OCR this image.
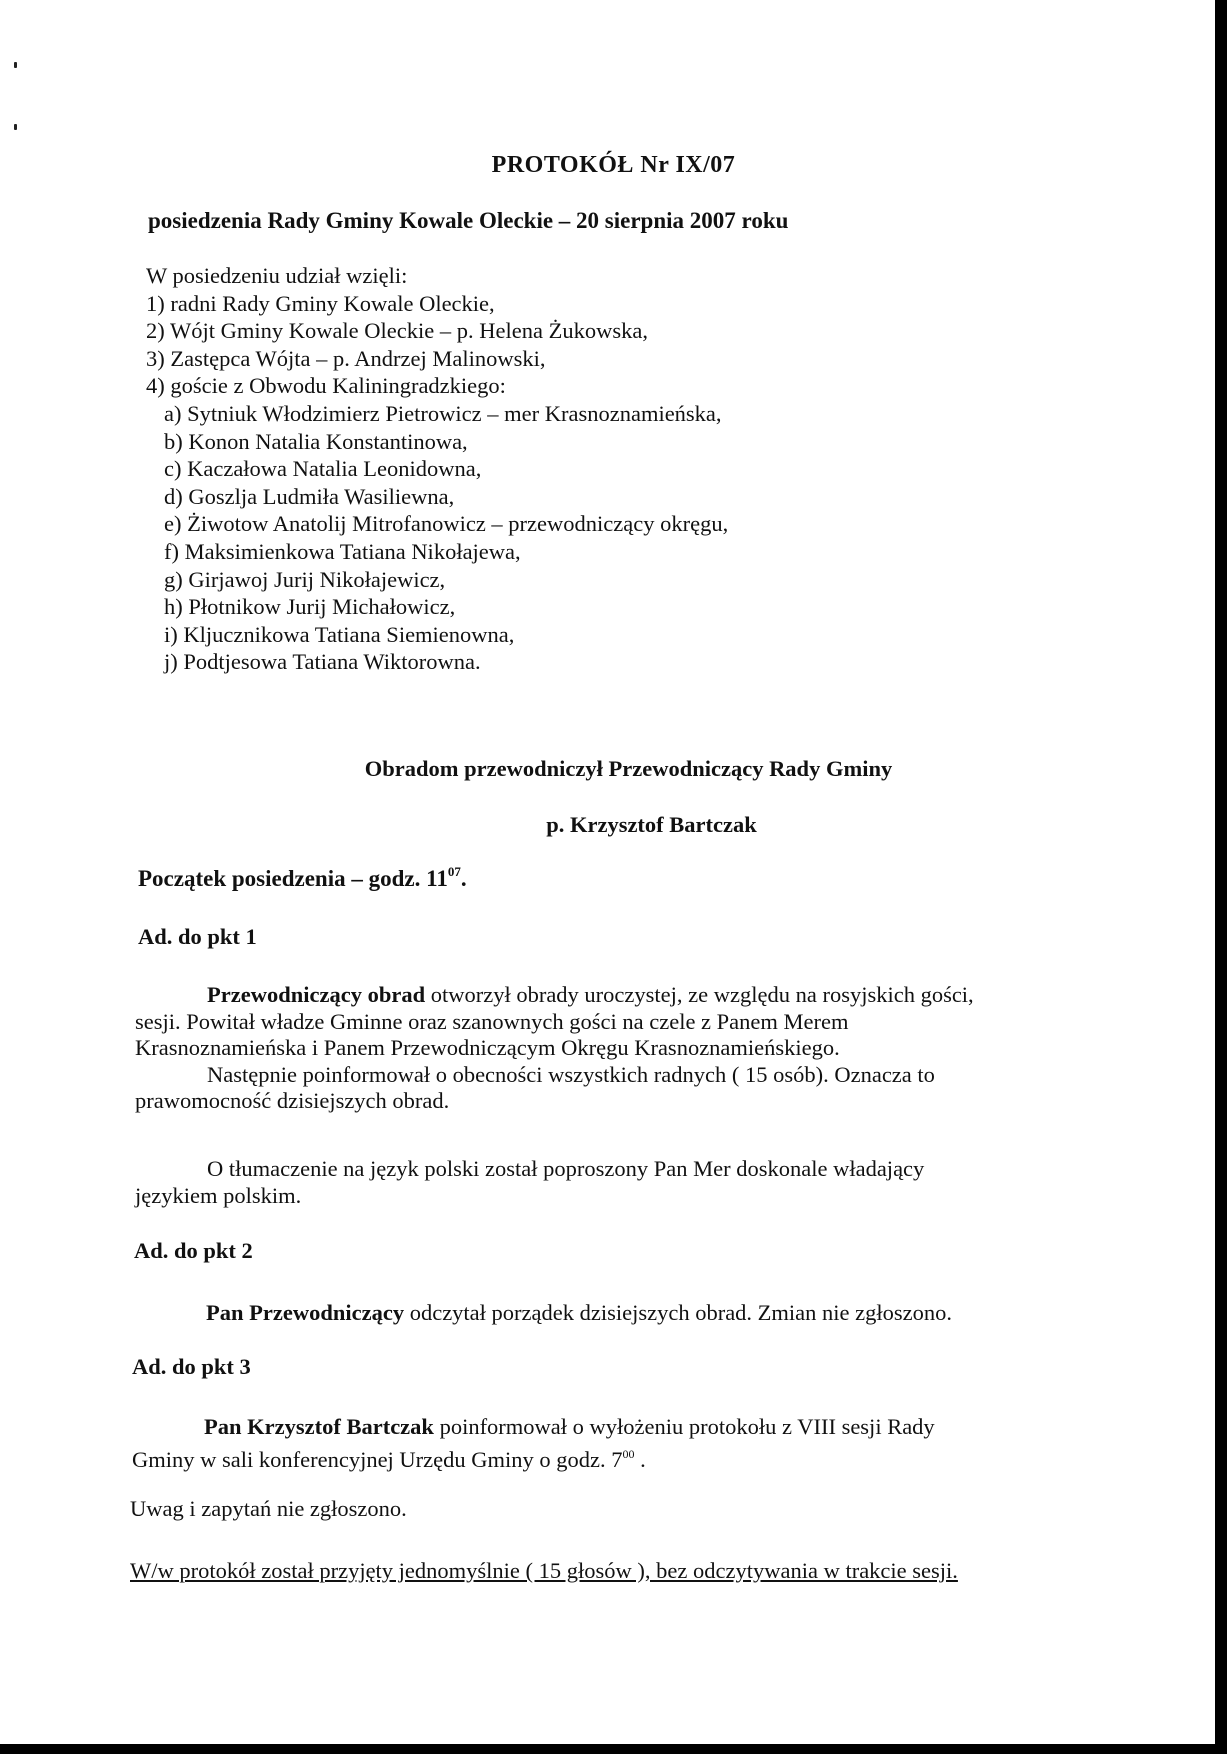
PROTOKÓŁ Nr IX/07
posiedzenia Rady Gminy Kowale Oleckie – 20 sierpnia 2007 roku
W posiedzeniu udział wzięli:
1) radni Rady Gminy Kowale Oleckie,
2) Wójt Gminy Kowale Oleckie – p. Helena Żukowska,
3) Zastępca Wójta – p. Andrzej Malinowski,
4) goście z Obwodu Kaliningradzkiego:
a) Sytniuk Włodzimierz Pietrowicz – mer Krasnoznamieńska,
b) Konon Natalia Konstantinowa,
c) Kaczałowa Natalia Leonidowna,
d) Goszlja Ludmiła Wasiliewna,
e) Żiwotow Anatolij Mitrofanowicz – przewodniczący okręgu,
f) Maksimienkowa Tatiana Nikołajewa,
g) Girjawoj Jurij Nikołajewicz,
h) Płotnikow Jurij Michałowicz,
i) Kljucznikowa Tatiana Siemienowna,
j) Podtjesowa Tatiana Wiktorowna.
Obradom przewodniczył Przewodniczący Rady Gminy
p. Krzysztof Bartczak
Początek posiedzenia – godz. $11^{07}$.
Ad. do pkt 1
Przewodniczący obrad otworzył obrady uroczystej, ze względu na rosyjskich gości,
sesji. Powitał władze Gminne oraz szanownych gości na czele z Panem Merem
Krasnoznamieńska i Panem Przewodniczącym Okręgu Krasnoznamieńskiego.
Następnie poinformował o obecności wszystkich radnych ( 15 osób). Oznacza to
prawomocność dzisiejszych obrad.
O tłumaczenie na język polski został poproszony Pan Mer doskonale władający
językiem polskim.
Ad. do pkt 2
Pan Przewodniczący odczytał porządek dzisiejszych obrad. Zmian nie zgłoszono.
Ad. do pkt 3
Pan Krzysztof Bartczak poinformował o wyłożeniu protokołu z VIII sesji Rady
Gminy w sali konferencyjnej Urzędu Gminy o godz. $7^{00}$ .
Uwag i zapytań nie zgłoszono.
W/w protokół został przyjęty jednomyślnie ( 15 głosów ), bez odczytywania w trakcie sesji.
